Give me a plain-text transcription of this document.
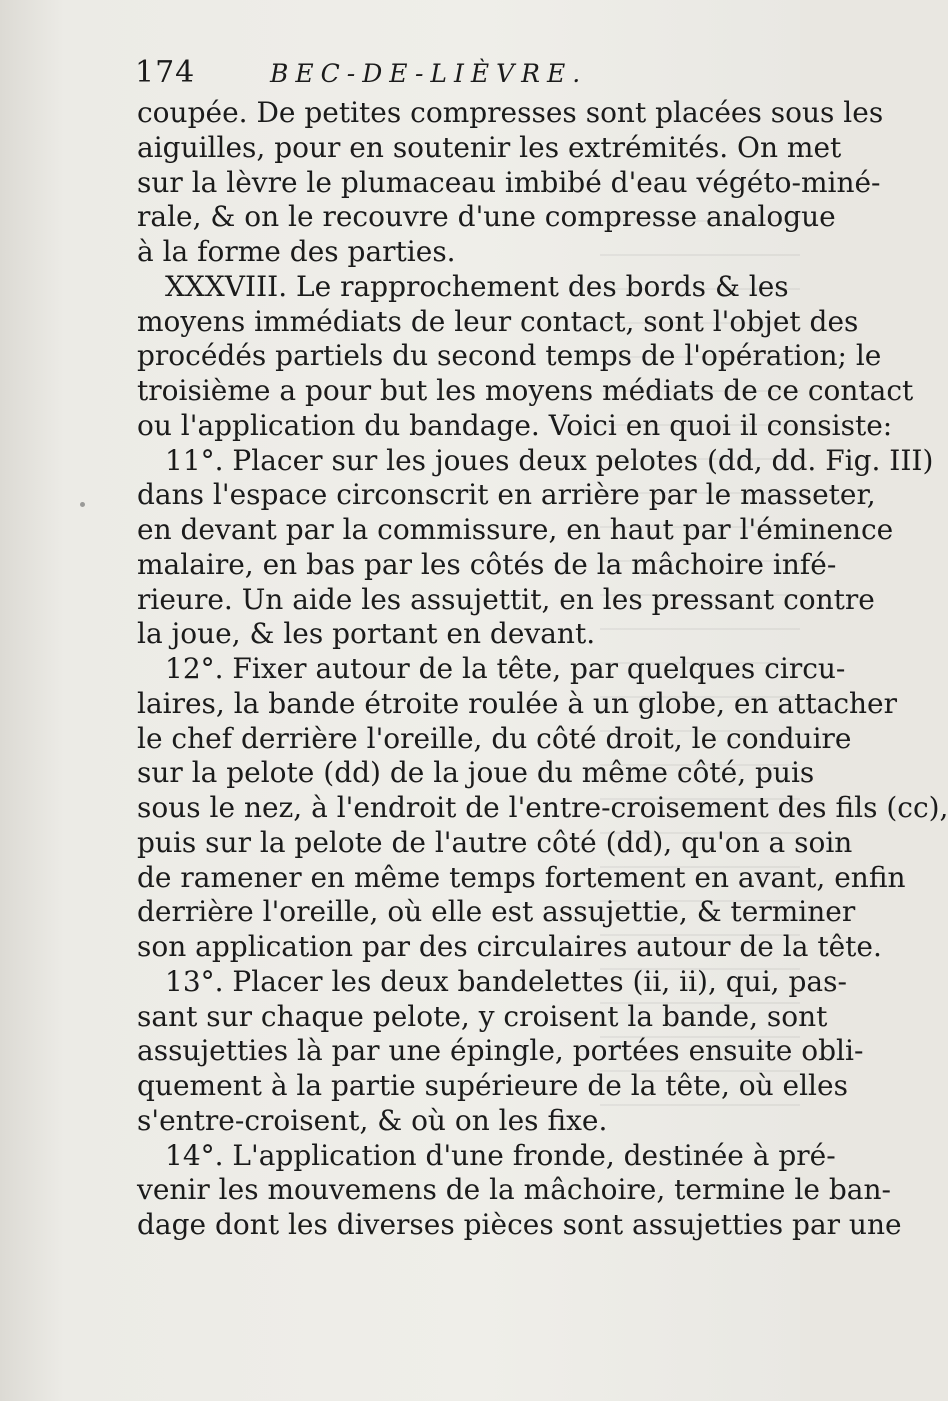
174	BEC-DE-LIÈVRE.
coupée. De petites compresses sont placées sous les
aiguilles, pour en soutenir les extrémités. On met
sur la lèvre le plumaceau imbibé d'eau végéto-miné-
rale, & on le recouvre d'une compresse analogue
à la forme des parties.
XXXVIII. Le rapprochement des bords & les
moyens immédiats de leur contact, sont l'objet des
procédés partiels du second temps de l'opération; le
troisième a pour but les moyens médiats de ce contact
ou l'application du bandage. Voici en quoi il consiste:
11°. Placer sur les joues deux pelotes (dd, dd. Fig. III)
dans l'espace circonscrit en arrière par le masseter,
en devant par la commissure, en haut par l'éminence
malaire, en bas par les côtés de la mâchoire infé-
rieure. Un aide les assujettit, en les pressant contre
la joue, & les portant en devant.
12°. Fixer autour de la tête, par quelques circu-
laires, la bande étroite roulée à un globe, en attacher
le chef derrière l'oreille, du côté droit, le conduire
sur la pelote (dd) de la joue du même côté, puis
sous le nez, à l'endroit de l'entre-croisement des fils (cc),
puis sur la pelote de l'autre côté (dd), qu'on a soin
de ramener en même temps fortement en avant, enfin
derrière l'oreille, où elle est assujettie, & terminer
son application par des circulaires autour de la tête.
13°. Placer les deux bandelettes (ii, ii), qui, pas-
sant sur chaque pelote, y croisent la bande, sont
assujetties là par une épingle, portées ensuite obli-
quement à la partie supérieure de la tête, où elles
s'entre-croisent, & où on les fixe.
14°. L'application d'une fronde, destinée à pré-
venir les mouvemens de la mâchoire, termine le ban-
dage dont les diverses pièces sont assujetties par une
